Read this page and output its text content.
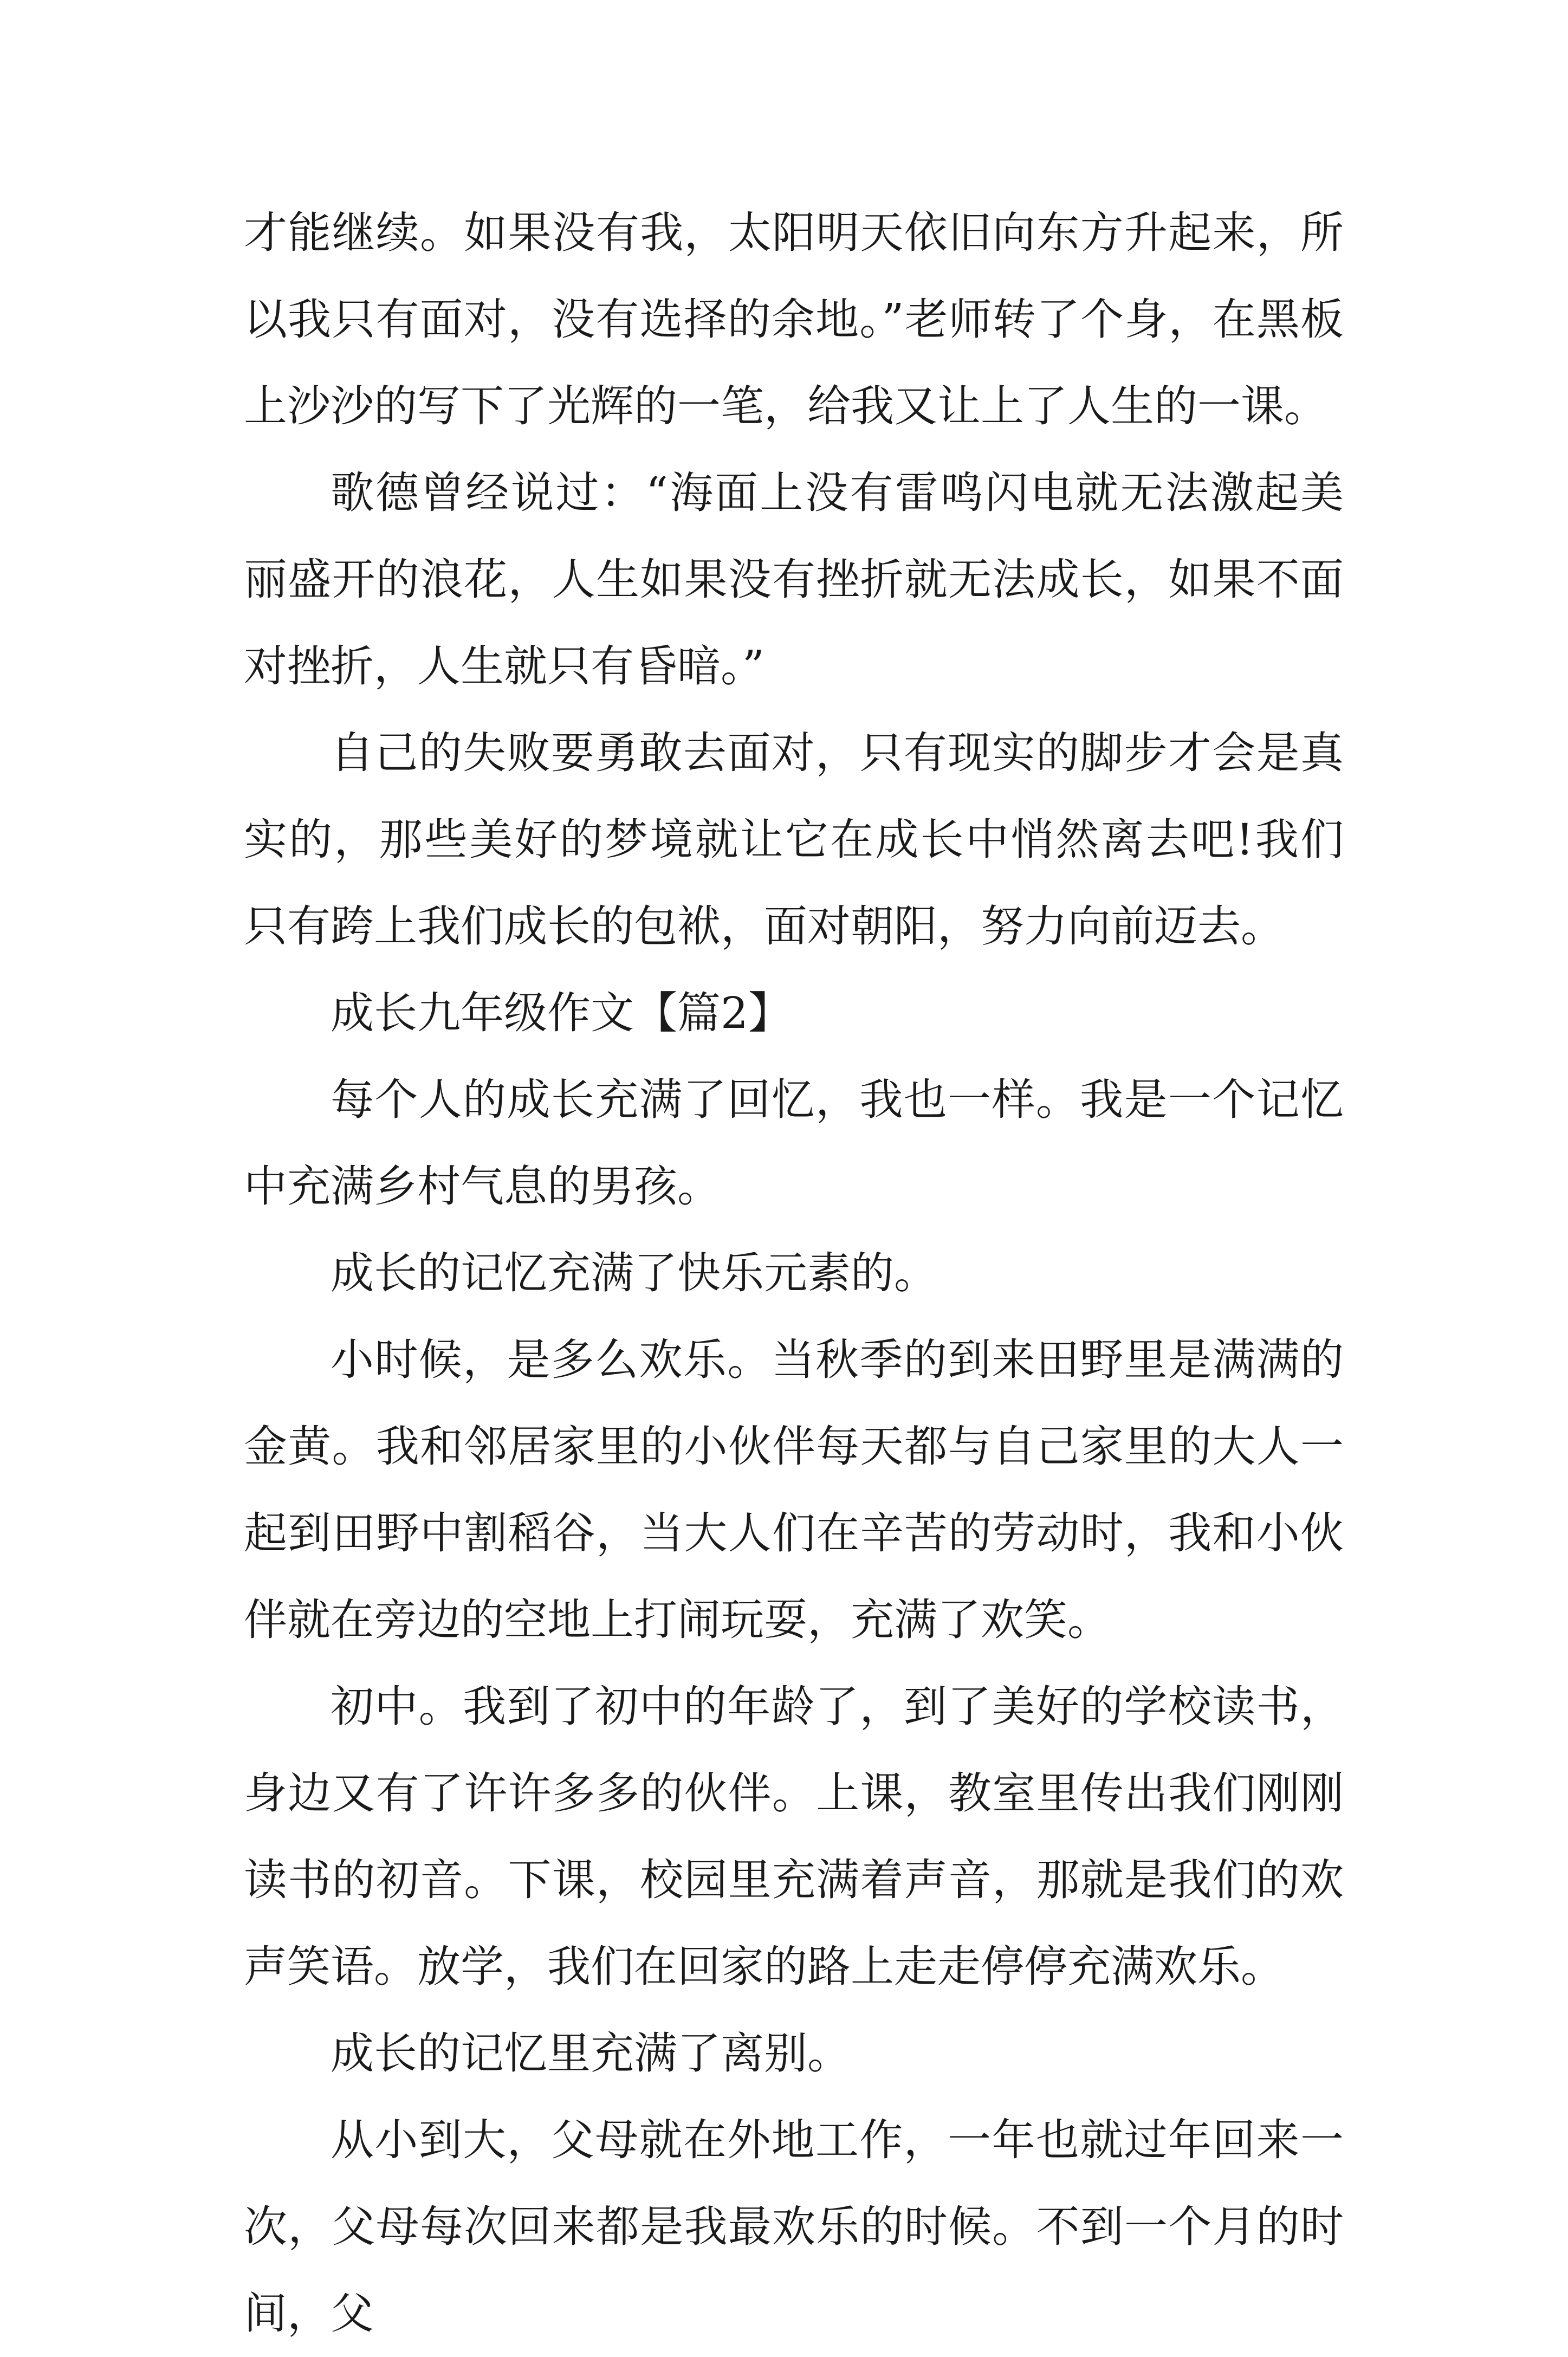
才能继续。如果没有我，太阳明天依旧向东方升起来，所以我只有面对，没有选择的余地。”老师转了个身，在黑板上沙沙的写下了光辉的一笔，给我又让上了人生的一课。

歌德曾经说过：“海面上没有雷鸣闪电就无法激起美丽盛开的浪花，人生如果没有挫折就无法成长，如果不面对挫折，人生就只有昏暗。”

自己的失败要勇敢去面对，只有现实的脚步才会是真实的，那些美好的梦境就让它在成长中悄然离去吧!我们只有跨上我们成长的包袱，面对朝阳，努力向前迈去。

成长九年级作文【篇2】

每个人的成长充满了回忆，我也一样。我是一个记忆中充满乡村气息的男孩。

成长的记忆充满了快乐元素的。

小时候，是多么欢乐。当秋季的到来田野里是满满的金黄。我和邻居家里的小伙伴每天都与自己家里的大人一起到田野中割稻谷，当大人们在辛苦的劳动时，我和小伙伴就在旁边的空地上打闹玩耍，充满了欢笑。

初中。我到了初中的年龄了，到了美好的学校读书，身边又有了许许多多的伙伴。上课，教室里传出我们刚刚读书的初音。下课，校园里充满着声音，那就是我们的欢声笑语。放学，我们在回家的路上走走停停充满欢乐。

成长的记忆里充满了离别。

从小到大，父母就在外地工作，一年也就过年回来一次，父母每次回来都是我最欢乐的时候。不到一个月的时间，父
